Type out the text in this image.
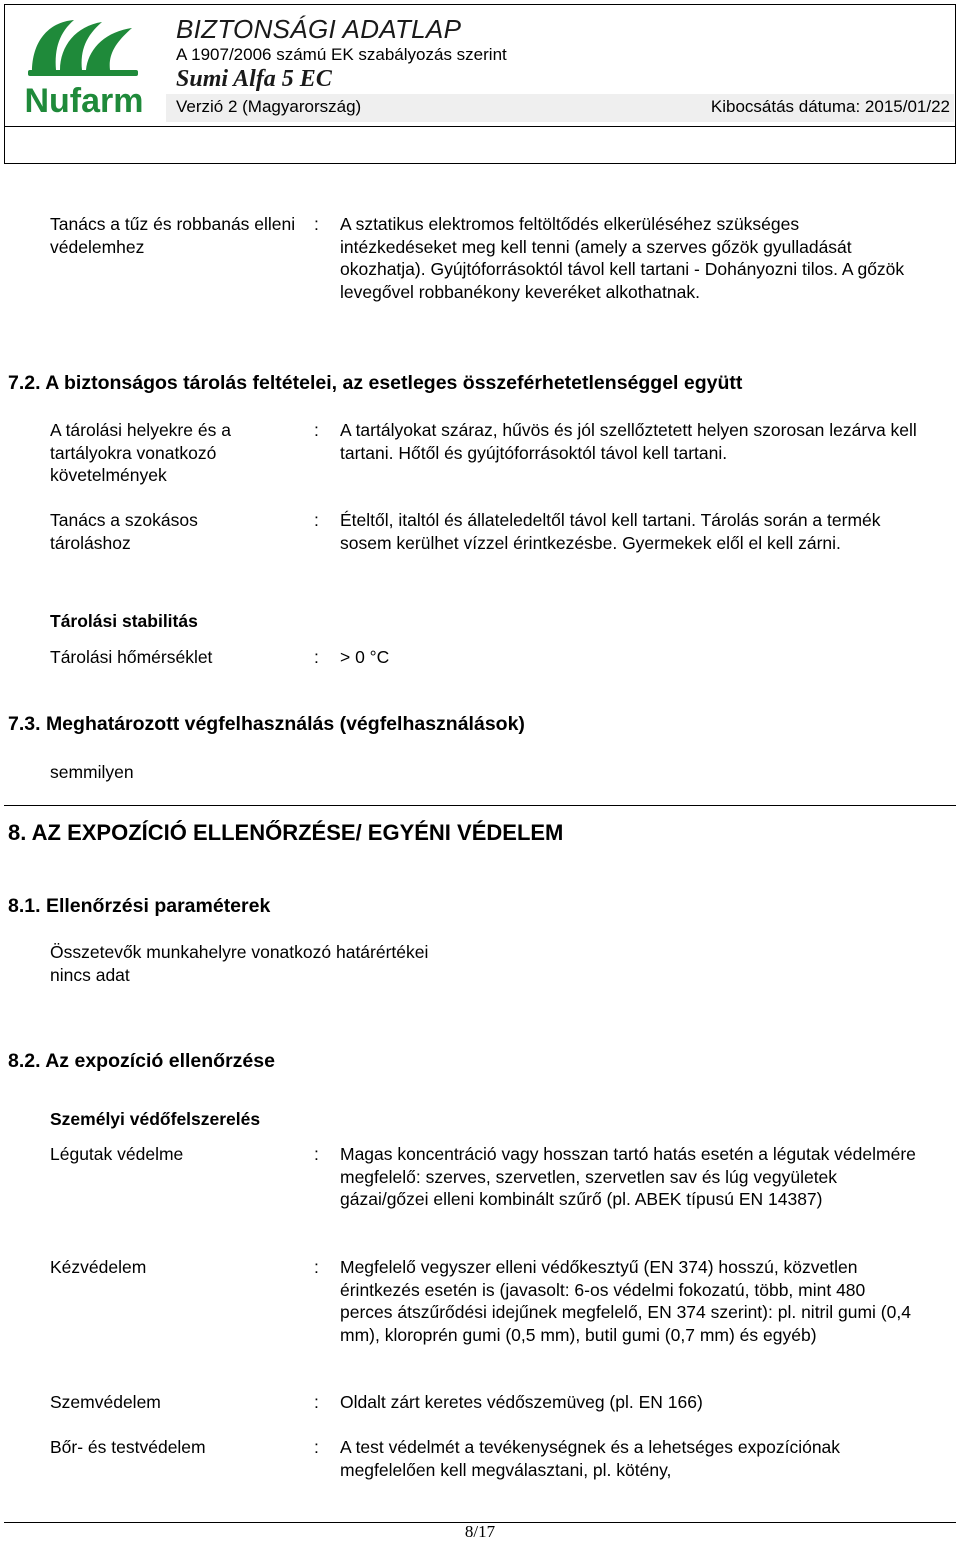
Nufarm
BIZTONSÁGI ADATLAP
A 1907/2006 számú EK szabályozás szerint
Sumi Alfa 5 EC
Verzió 2 (Magyarország)	Kibocsátás dátuma: 2015/01/22
Tanács a tűz és robbanás elleni védelemhez
: A sztatikus elektromos feltöltődés elkerüléséhez szükséges intézkedéseket meg kell tenni (amely a szerves gőzök gyulladását okozhatja). Gyújtóforrásoktól távol kell tartani - Dohányozni tilos. A gőzök levegővel robbanékony keveréket alkothatnak.
7.2. A biztonságos tárolás feltételei, az esetleges összeférhetetlenséggel együtt
A tárolási helyekre és a tartályokra vonatkozó követelmények
: A tartályokat száraz, hűvös és jól szellőztetett helyen szorosan lezárva kell tartani. Hőtől és gyújtóforrásoktól távol kell tartani.
Tanács a szokásos tároláshoz
: Ételtől, italtól és állateledeltől távol kell tartani. Tárolás során a termék sosem kerülhet vízzel érintkezésbe. Gyermekek elől el kell zárni.
Tárolási stabilitás
Tárolási hőmérséklet	: > 0 °C
7.3. Meghatározott végfelhasználás (végfelhasználások)
semmilyen
8. AZ EXPOZÍCIÓ ELLENŐRZÉSE/ EGYÉNI VÉDELEM
8.1. Ellenőrzési paraméterek
Összetevők munkahelyre vonatkozó határértékei
nincs adat
8.2. Az expozíció ellenőrzése
Személyi védőfelszerelés
Légutak védelme	: Magas koncentráció vagy hosszan tartó hatás esetén a légutak védelmére megfelelő: szerves, szervetlen, szervetlen sav és lúg vegyületek gázai/gőzei elleni kombinált szűrő (pl. ABEK típusú EN 14387)
Kézvédelem	: Megfelelő vegyszer elleni védőkesztyű (EN 374) hosszú, közvetlen érintkezés esetén is (javasolt: 6-os védelmi fokozatú, több, mint 480 perces átszűrődési idejűnek megfelelő, EN 374 szerint): pl. nitril gumi (0,4 mm), kloroprén gumi (0,5 mm), butil gumi (0,7 mm) és egyéb)
Szemvédelem	: Oldalt zárt keretes védőszemüveg (pl. EN 166)
Bőr- és testvédelem	: A test védelmét a tevékenységnek és a lehetséges expozíciónak megfelelően kell megválasztani, pl. kötény,
8/17
